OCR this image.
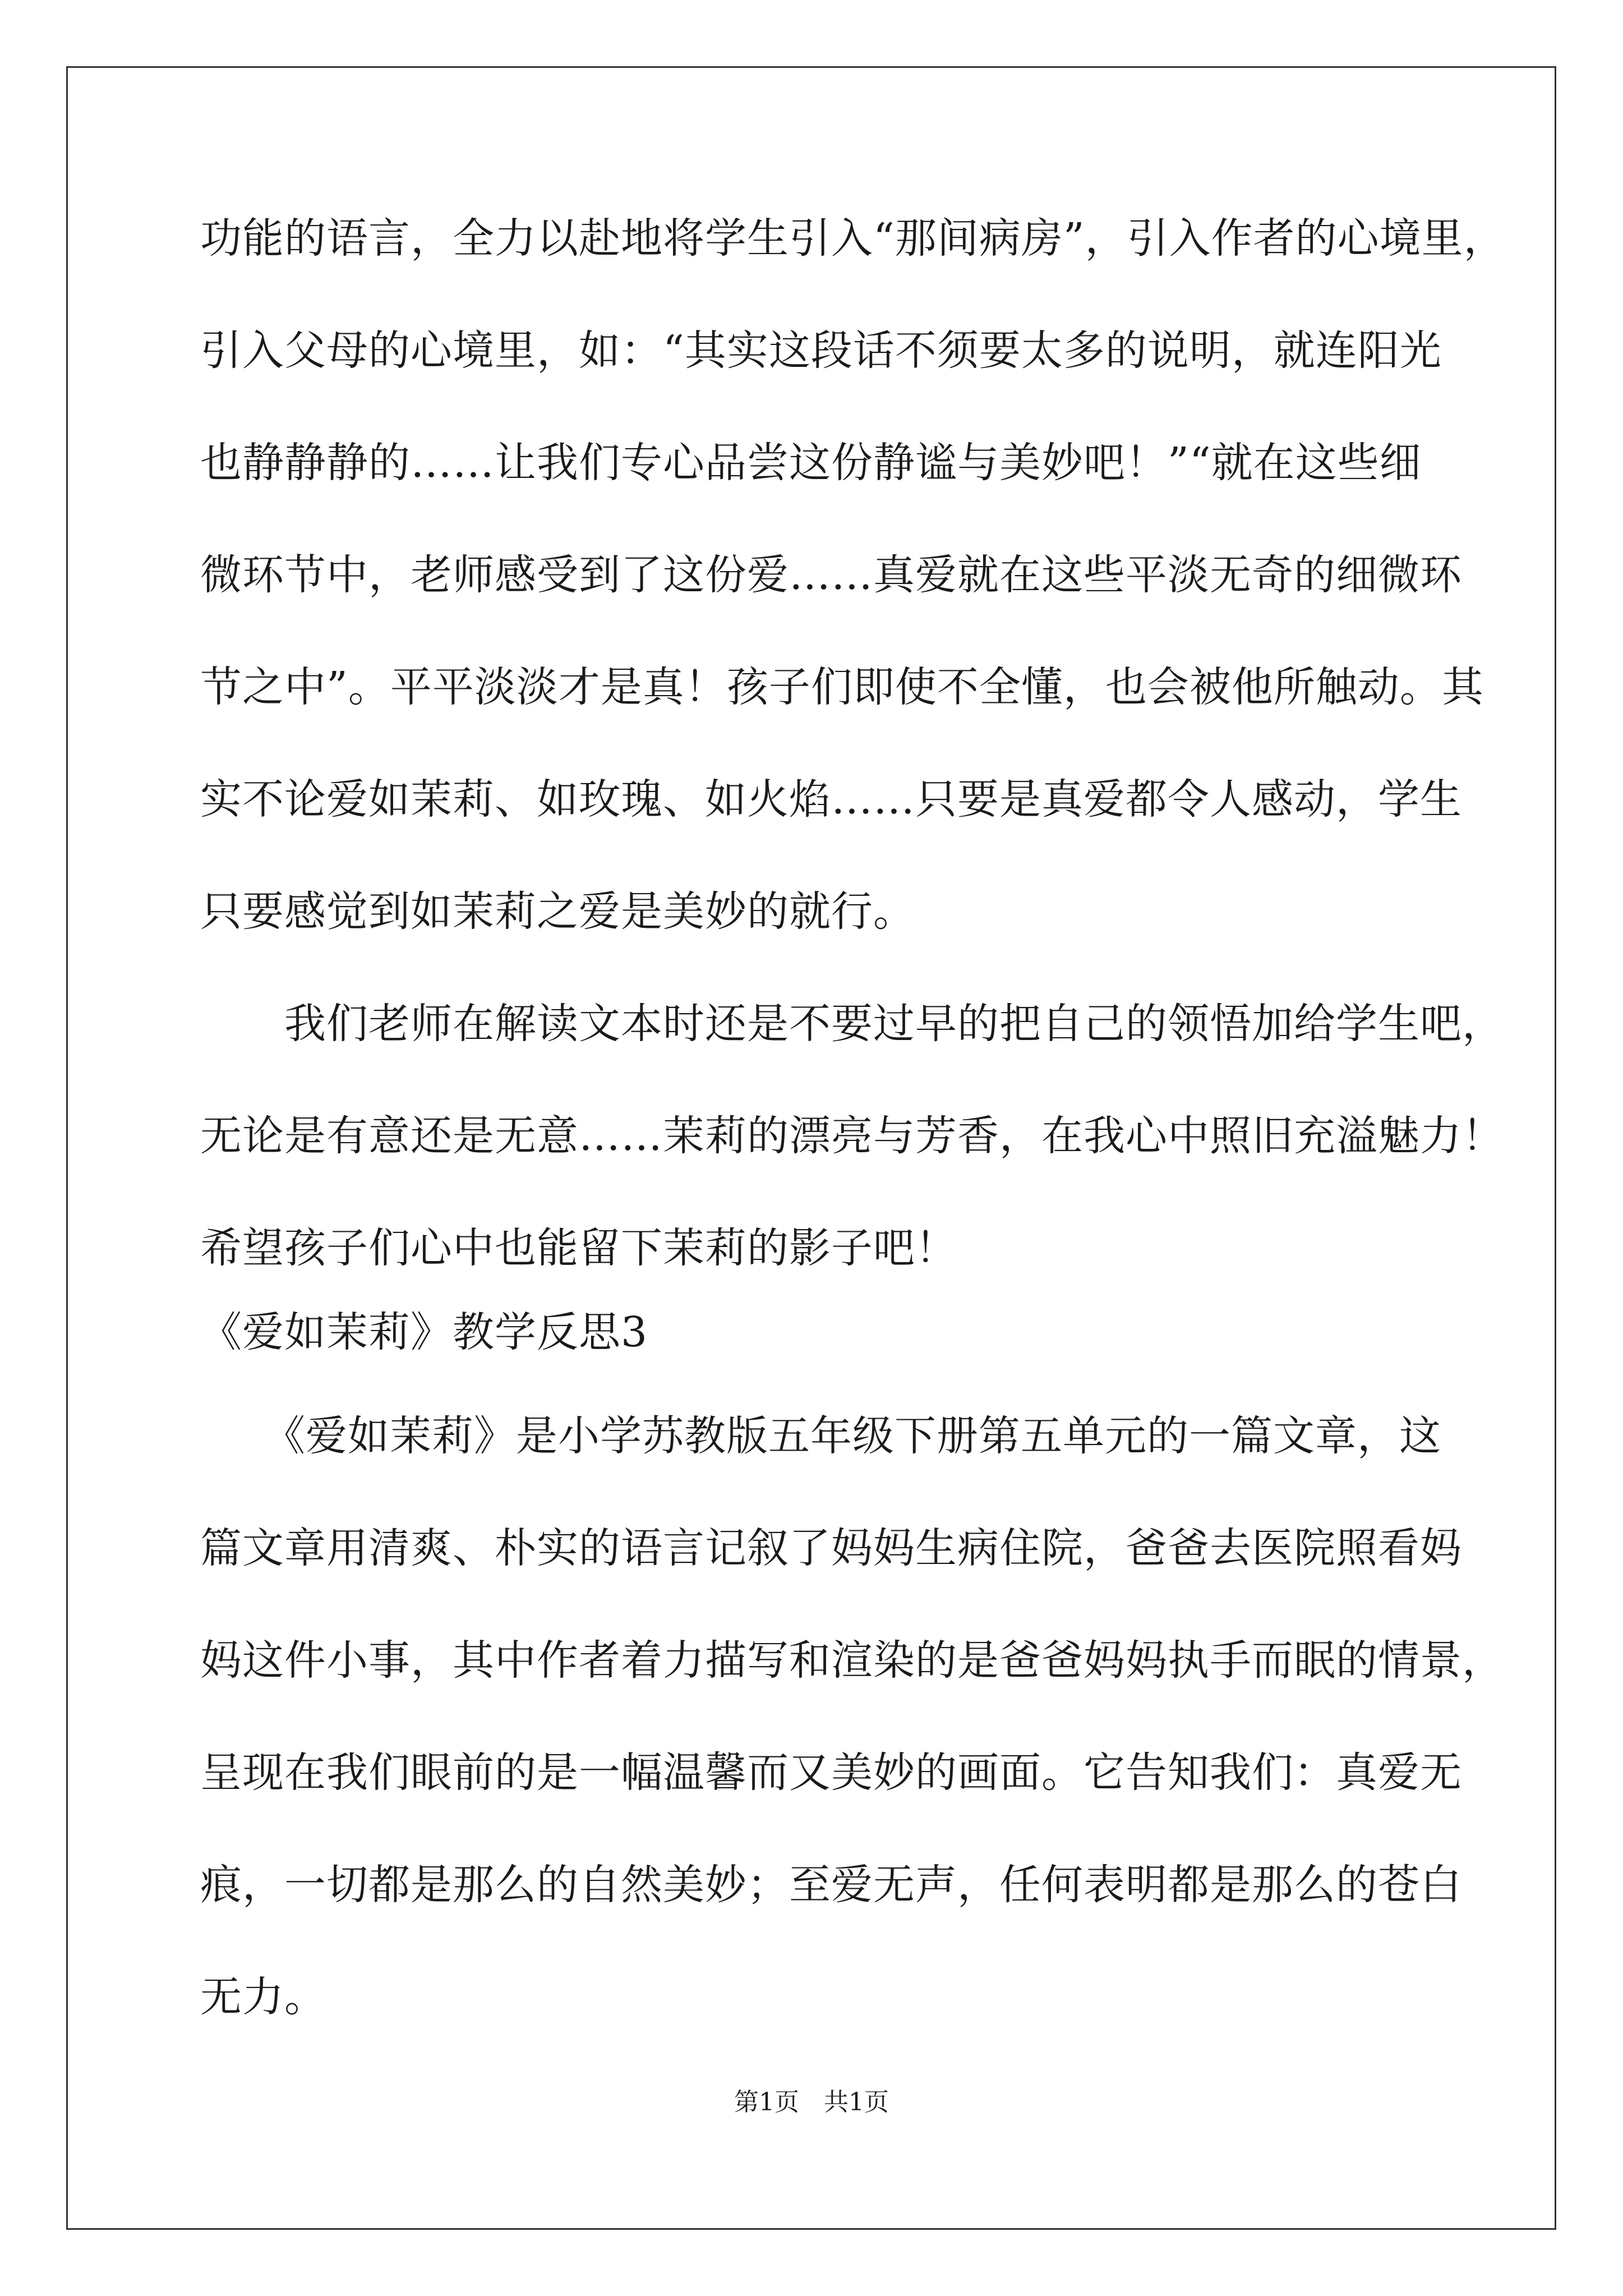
功能的语言，全力以赴地将学生引入“那间病房”，引入作者的心境里，
引入父母的心境里，如：“其实这段话不须要太多的说明，就连阳光
也静静静的……让我们专心品尝这份静谧与美妙吧！”“就在这些细
微环节中，老师感受到了这份爱……真爱就在这些平淡无奇的细微环
节之中”。平平淡淡才是真！孩子们即使不全懂，也会被他所触动。其
实不论爱如茉莉、如玫瑰、如火焰……只要是真爱都令人感动，学生
只要感觉到如茉莉之爱是美妙的就行。
　　我们老师在解读文本时还是不要过早的把自己的领悟加给学生吧，
无论是有意还是无意……茉莉的漂亮与芳香，在我心中照旧充溢魅力！
希望孩子们心中也能留下茉莉的影子吧！
《爱如茉莉》教学反思3
　　《爱如茉莉》是小学苏教版五年级下册第五单元的一篇文章，这
篇文章用清爽、朴实的语言记叙了妈妈生病住院，爸爸去医院照看妈
妈这件小事，其中作者着力描写和渲染的是爸爸妈妈执手而眠的情景，
呈现在我们眼前的是一幅温馨而又美妙的画面。它告知我们：真爱无
痕，一切都是那么的自然美妙；至爱无声，任何表明都是那么的苍白
无力。
第1页　共1页
